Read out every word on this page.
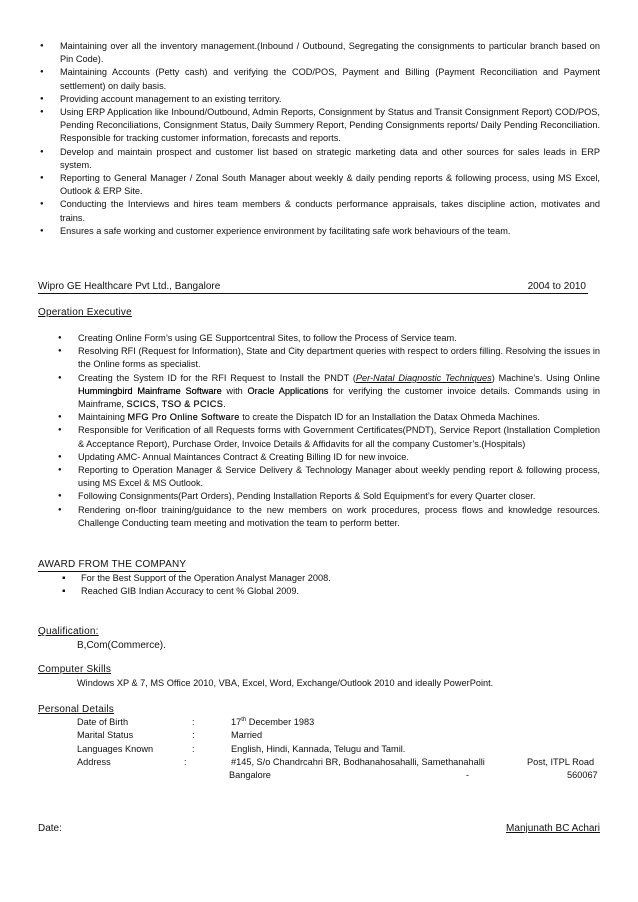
● Maintaining over all the inventory management.(Inbound / Outbound, Segregating the consignments to particular branch based on Pin Code).
● Maintaining Accounts (Petty cash) and verifying the COD/POS, Payment and Billing (Payment Reconciliation and Payment settlement) on daily basis.
● Providing account management to an existing territory.
● Using ERP Application like Inbound/Outbound, Admin Reports, Consignment by Status and Transit Consignment Report) COD/POS, Pending Reconciliations, Consignment Status, Daily Summery Report, Pending Consignments reports/ Daily Pending Reconciliation. Responsible for tracking customer information, forecasts and reports.
● Develop and maintain prospect and customer list based on strategic marketing data and other sources for sales leads in ERP system.
● Reporting to General Manager / Zonal South Manager about weekly & daily pending reports & following process, using MS Excel, Outlook & ERP Site.
● Conducting the Interviews and hires team members & conducts performance appraisals, takes discipline action, motivates and trains.
● Ensures a safe working and customer experience environment by facilitating safe work behaviours of the team.
Wipro GE Healthcare Pvt Ltd., Bangalore	2004 to 2010
Operation Executive
● Creating Online Form’s using GE Supportcentral Sites, to follow the Process of Service team.
● Resolving RFI (Request for Information), State and City department queries with respect to orders filling. Resolving the issues in the Online forms as specialist.
● Creating the System ID for the RFI Request to Install the PNDT (Per-Natal Diagnostic Techniques) Machine’s. Using Online Hummingbird Mainframe Software with Oracle Applications for verifying the customer invoice details. Commands using in Mainframe, SCICS, TSO & PCICS.
● Maintaining MFG Pro Online Software to create the Dispatch ID for an Installation the Datax Ohmeda Machines.
● Responsible for Verification of all Requests forms with Government Certificates(PNDT), Service Report (Installation Completion & Acceptance Report), Purchase Order, Invoice Details & Affidavits for all the company Customer’s.(Hospitals)
● Updating AMC- Annual Maintances Contract & Creating Billing ID for new invoice.
● Reporting to Operation Manager & Service Delivery & Technology Manager about weekly pending report & following process, using MS Excel & MS Outlook.
● Following Consignments(Part Orders), Pending Installation Reports & Sold Equipment’s for every Quarter closer.
● Rendering on-floor training/guidance to the new members on work procedures, process flows and knowledge resources. Challenge Conducting team meeting and motivation the team to perform better.
AWARD FROM THE COMPANY
▪ For the Best Support of the Operation Analyst Manager 2008.
▪ Reached GIB Indian Accuracy to cent % Global 2009.
Qualification:
B,Com(Commerce).
Computer Skills
Windows XP & 7, MS Office 2010, VBA, Excel, Word, Exchange/Outlook 2010 and ideally PowerPoint.
Personal Details
Date of Birth	:	17th December 1983
Marital Status	:	Married
Languages Known	:	English, Hindi, Kannada, Telugu and Tamil.
Address	:	#145, S/o Chandrcahri BR, Bodhanahosahalli, Samethanahalli	Post, ITPL Road
Bangalore	-	560067
Date:	Manjunath BC Achari
